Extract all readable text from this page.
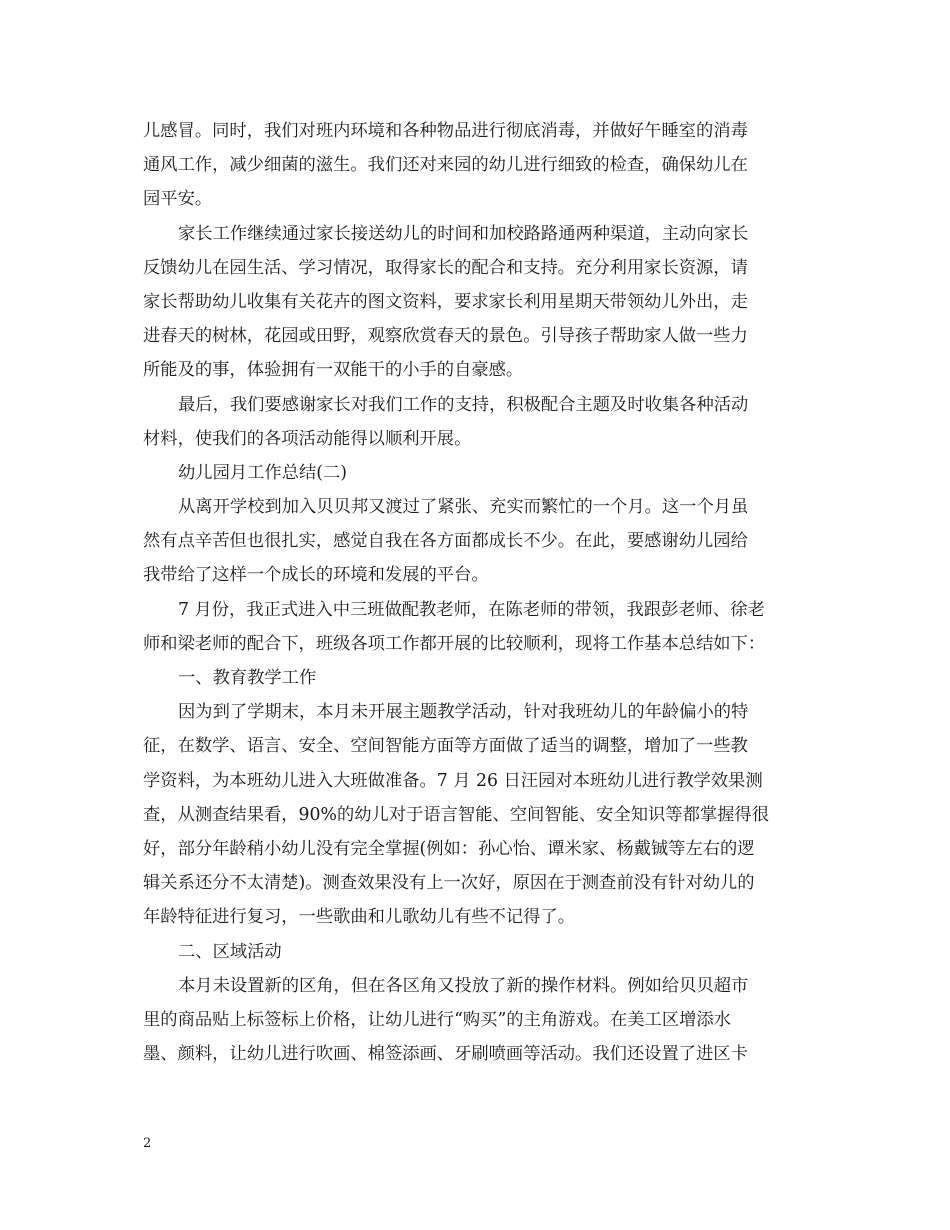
儿感冒。同时，我们对班内环境和各种物品进行彻底消毒，并做好午睡室的消毒
通风工作，减少细菌的滋生。我们还对来园的幼儿进行细致的检查，确保幼儿在
园平安。
家长工作继续通过家长接送幼儿的时间和加校路路通两种渠道，主动向家长
反馈幼儿在园生活、学习情况，取得家长的配合和支持。充分利用家长资源，请
家长帮助幼儿收集有关花卉的图文资料，要求家长利用星期天带领幼儿外出，走
进春天的树林，花园或田野，观察欣赏春天的景色。引导孩子帮助家人做一些力
所能及的事，体验拥有一双能干的小手的自豪感。
最后，我们要感谢家长对我们工作的支持，积极配合主题及时收集各种活动
材料，使我们的各项活动能得以顺利开展。
幼儿园月工作总结(二)
从离开学校到加入贝贝邦又渡过了紧张、充实而繁忙的一个月。这一个月虽
然有点辛苦但也很扎实，感觉自我在各方面都成长不少。在此，要感谢幼儿园给
我带给了这样一个成长的环境和发展的平台。
7 月份，我正式进入中三班做配教老师，在陈老师的带领，我跟彭老师、徐老
师和梁老师的配合下，班级各项工作都开展的比较顺利，现将工作基本总结如下：
一、教育教学工作
因为到了学期末，本月未开展主题教学活动，针对我班幼儿的年龄偏小的特
征，在数学、语言、安全、空间智能方面等方面做了适当的调整，增加了一些教
学资料，为本班幼儿进入大班做准备。7 月 26 日汪园对本班幼儿进行教学效果测
查，从测查结果看，90%的幼儿对于语言智能、空间智能、安全知识等都掌握得很
好，部分年龄稍小幼儿没有完全掌握(例如：孙心怡、谭米家、杨戴铖等左右的逻
辑关系还分不太清楚)。测查效果没有上一次好，原因在于测查前没有针对幼儿的
年龄特征进行复习，一些歌曲和儿歌幼儿有些不记得了。
二、区域活动
本月未设置新的区角，但在各区角又投放了新的操作材料。例如给贝贝超市
里的商品贴上标签标上价格，让幼儿进行“购买”的主角游戏。在美工区增添水
墨、颜料，让幼儿进行吹画、棉签添画、牙刷喷画等活动。我们还设置了进区卡
2
